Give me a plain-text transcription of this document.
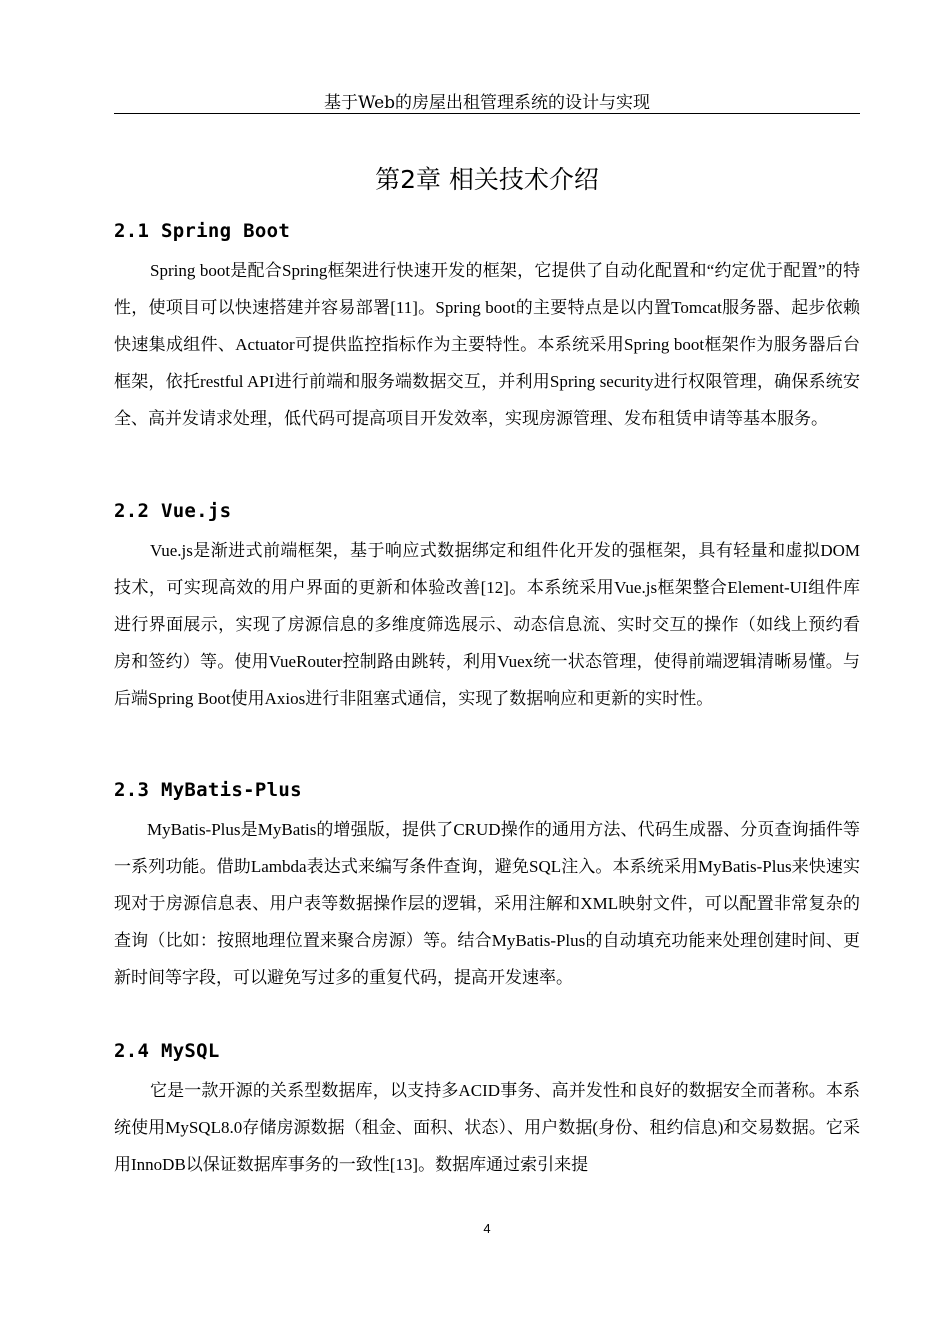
基于Web的房屋出租管理系统的设计与实现
第2章 相关技术介绍
2.1 Spring Boot

Spring boot是配合Spring框架进行快速开发的框架，它提供了自动化配置和“约定优于配置”的特性，使项目可以快速搭建并容易部署[11]。Spring boot的主要特点是以内置Tomcat服务器、起步依赖快速集成组件、Actuator可提供监控指标作为主要特性。本系统采用Spring boot框架作为服务器后台框架，依托restful API进行前端和服务端数据交互，并利用Spring security进行权限管理，确保系统安全、高并发请求处理，低代码可提高项目开发效率，实现房源管理、发布租赁申请等基本服务。

2.2 Vue.js

Vue.js是渐进式前端框架，基于响应式数据绑定和组件化开发的强框架，具有轻量和虚拟DOM技术，可实现高效的用户界面的更新和体验改善[12]。本系统采用Vue.js框架整合Element-UI组件库进行界面展示，实现了房源信息的多维度筛选展示、动态信息流、实时交互的操作（如线上预约看房和签约）等。使用VueRouter控制路由跳转，利用Vuex统一状态管理，使得前端逻辑清晰易懂。与后端Spring Boot使用Axios进行非阻塞式通信，实现了数据响应和更新的实时性。

2.3 MyBatis-Plus

MyBatis-Plus是MyBatis的增强版，提供了CRUD操作的通用方法、代码生成器、分页查询插件等一系列功能。借助Lambda表达式来编写条件查询，避免SQL注入。本系统采用MyBatis-Plus来快速实现对于房源信息表、用户表等数据操作层的逻辑，采用注解和XML映射文件，可以配置非常复杂的查询（比如：按照地理位置来聚合房源）等。结合MyBatis-Plus的自动填充功能来处理创建时间、更新时间等字段，可以避免写过多的重复代码，提高开发速率。

2.4 MySQL

它是一款开源的关系型数据库，以支持多ACID事务、高并发性和良好的数据安全而著称。本系统使用MySQL8.0存储房源数据（租金、面积、状态）、用户数据(身份、租约信息)和交易数据。它采用InnoDB以保证数据库事务的一致性[13]。数据库通过索引来提

4
